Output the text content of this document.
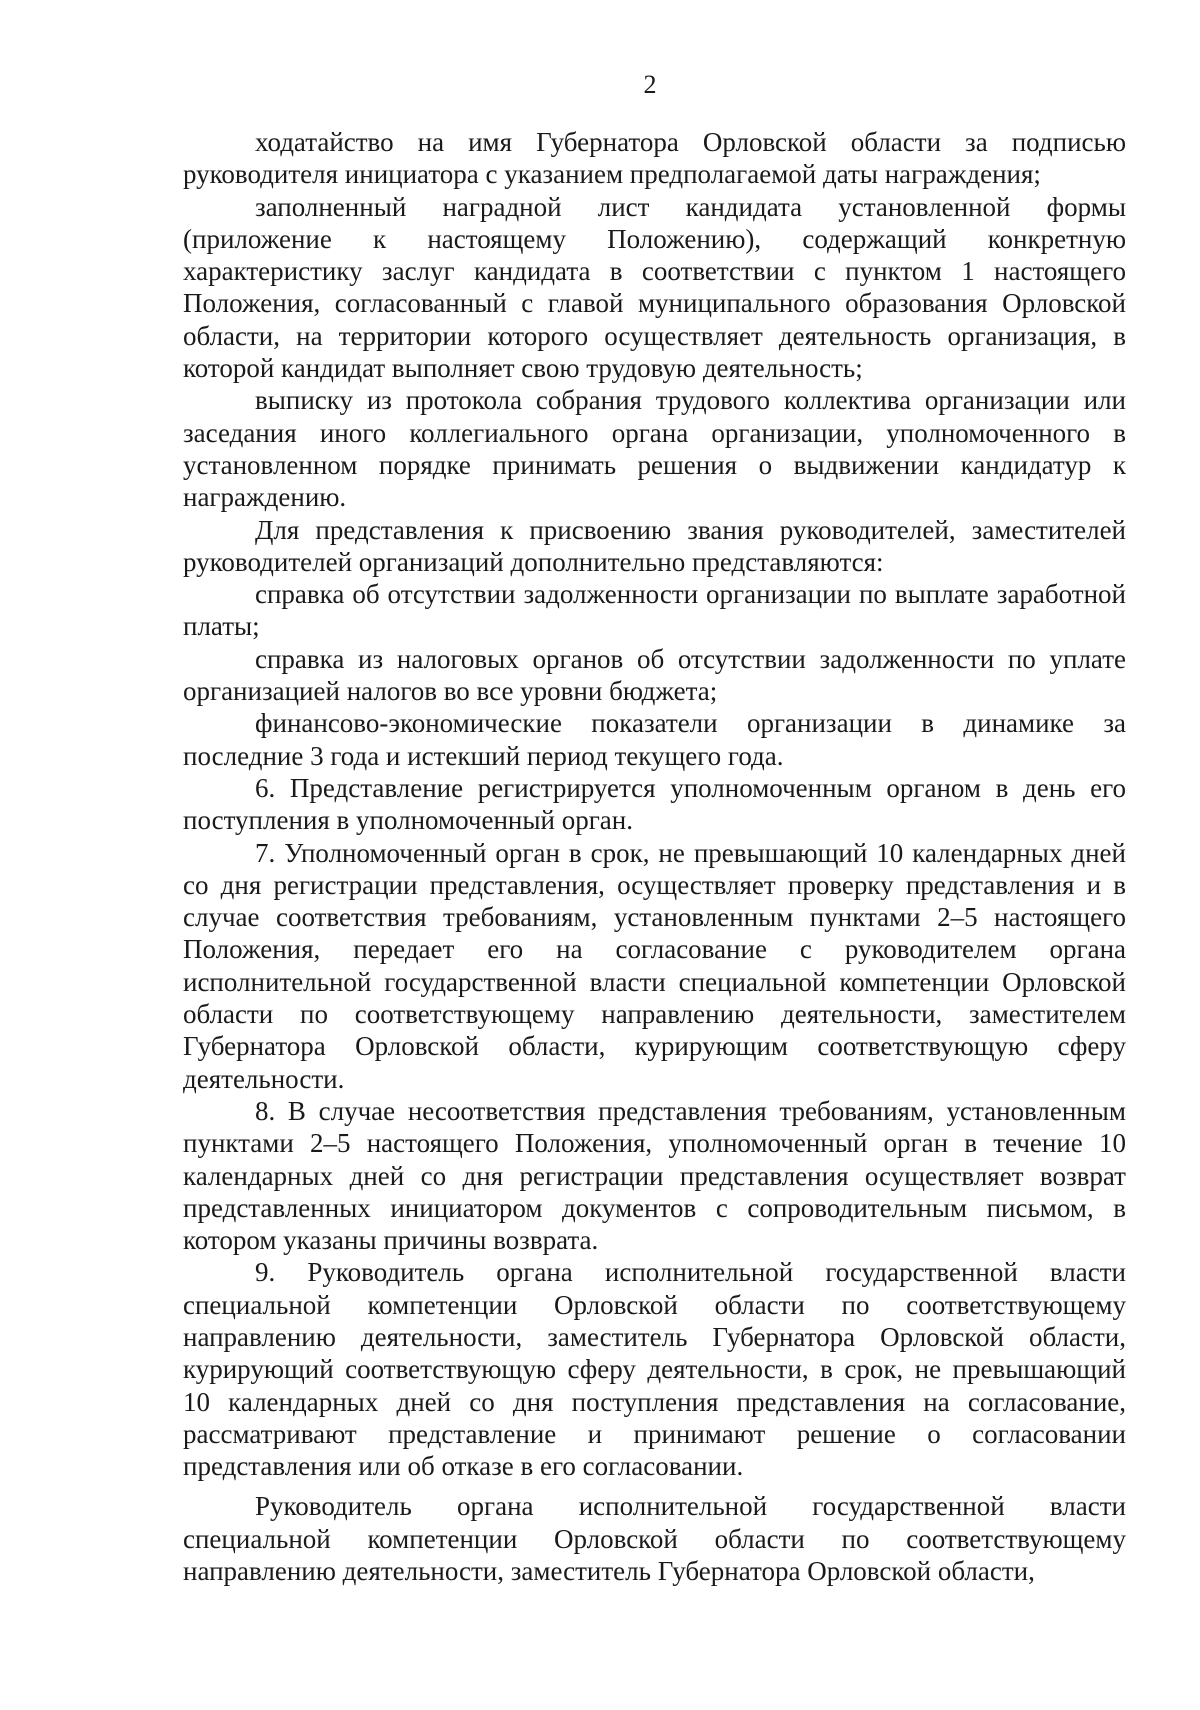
2

ходатайство на имя Губернатора Орловской области за подписью руководителя инициатора с указанием предполагаемой даты награждения;

заполненный наградной лист кандидата установленной формы (приложение к настоящему Положению), содержащий конкретную характеристику заслуг кандидата в соответствии с пунктом 1 настоящего Положения, согласованный с главой муниципального образования Орловской области, на территории которого осуществляет деятельность организация, в которой кандидат выполняет свою трудовую деятельность;

выписку из протокола собрания трудового коллектива организации или заседания иного коллегиального органа организации, уполномоченного в установленном порядке принимать решения о выдвижении кандидатур к награждению.

Для представления к присвоению звания руководителей, заместителей руководителей организаций дополнительно представляются:

справка об отсутствии задолженности организации по выплате заработной платы;

справка из налоговых органов об отсутствии задолженности по уплате организацией налогов во все уровни бюджета;

финансово-экономические показатели организации в динамике за последние 3 года и истекший период текущего года.

6. Представление регистрируется уполномоченным органом в день его поступления в уполномоченный орган.

7. Уполномоченный орган в срок, не превышающий 10 календарных дней со дня регистрации представления, осуществляет проверку представления и в случае соответствия требованиям, установленным пунктами 2–5 настоящего Положения, передает его на согласование с руководителем органа исполнительной государственной власти специальной компетенции Орловской области по соответствующему направлению деятельности, заместителем Губернатора Орловской области, курирующим соответствующую сферу деятельности.

8. В случае несоответствия представления требованиям, установленным пунктами 2–5 настоящего Положения, уполномоченный орган в течение 10 календарных дней со дня регистрации представления осуществляет возврат представленных инициатором документов с сопроводительным письмом, в котором указаны причины возврата.

9. Руководитель органа исполнительной государственной власти специальной компетенции Орловской области по соответствующему направлению деятельности, заместитель Губернатора Орловской области, курирующий соответствующую сферу деятельности, в срок, не превышающий 10 календарных дней со дня поступления представления на согласование, рассматривают представление и принимают решение о согласовании представления или об отказе в его согласовании.

Руководитель органа исполнительной государственной власти специальной компетенции Орловской области по соответствующему направлению деятельности, заместитель Губернатора Орловской области,
